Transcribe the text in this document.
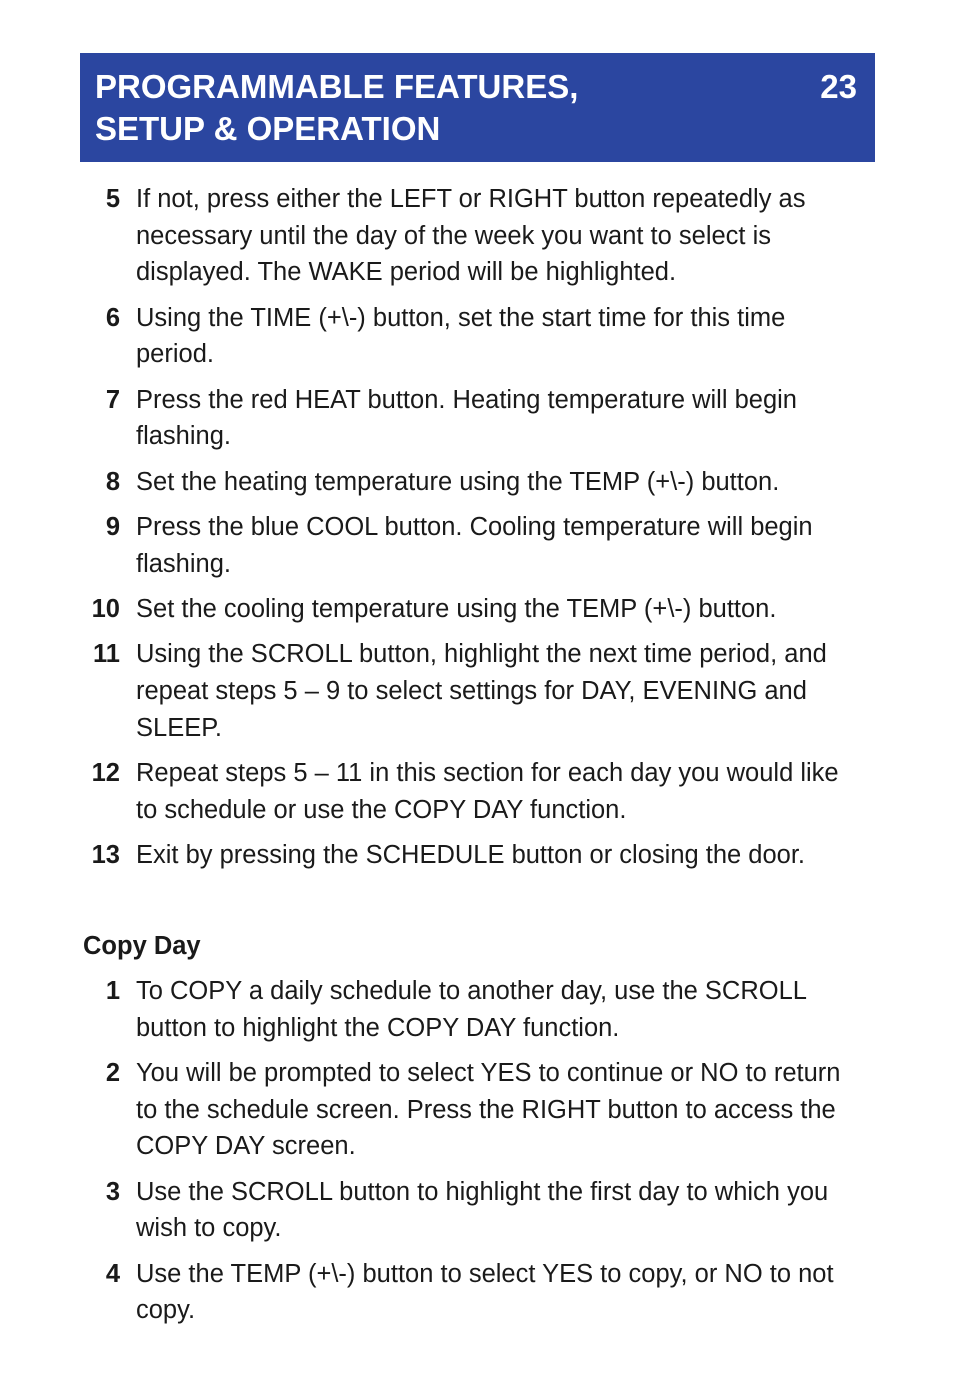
PROGRAMMABLE FEATURES,
SETUP & OPERATION
23
5 If not, press either the LEFT or RIGHT button repeatedly as necessary until the day of the week you want to select is displayed. The WAKE period will be highlighted.
6 Using the TIME (+\-) button, set the start time for this time period.
7 Press the red HEAT button. Heating temperature will begin flashing.
8 Set the heating temperature using the TEMP (+\-) button.
9 Press the blue COOL button. Cooling temperature will begin flashing.
10 Set the cooling temperature using the TEMP (+\-) button.
11 Using the SCROLL button, highlight the next time period, and repeat steps 5 – 9 to select settings for DAY, EVENING and SLEEP.
12 Repeat steps 5 – 11 in this section for each day you would like to schedule or use the COPY DAY function.
13 Exit by pressing the SCHEDULE button or closing the door.
Copy Day
1 To COPY a daily schedule to another day, use the SCROLL button to highlight the COPY DAY function.
2 You will be prompted to select YES to continue or NO to return to the schedule screen. Press the RIGHT button to access the COPY DAY screen.
3 Use the SCROLL button to highlight the first day to which you wish to copy.
4 Use the TEMP (+\-) button to select YES to copy, or NO to not copy.
